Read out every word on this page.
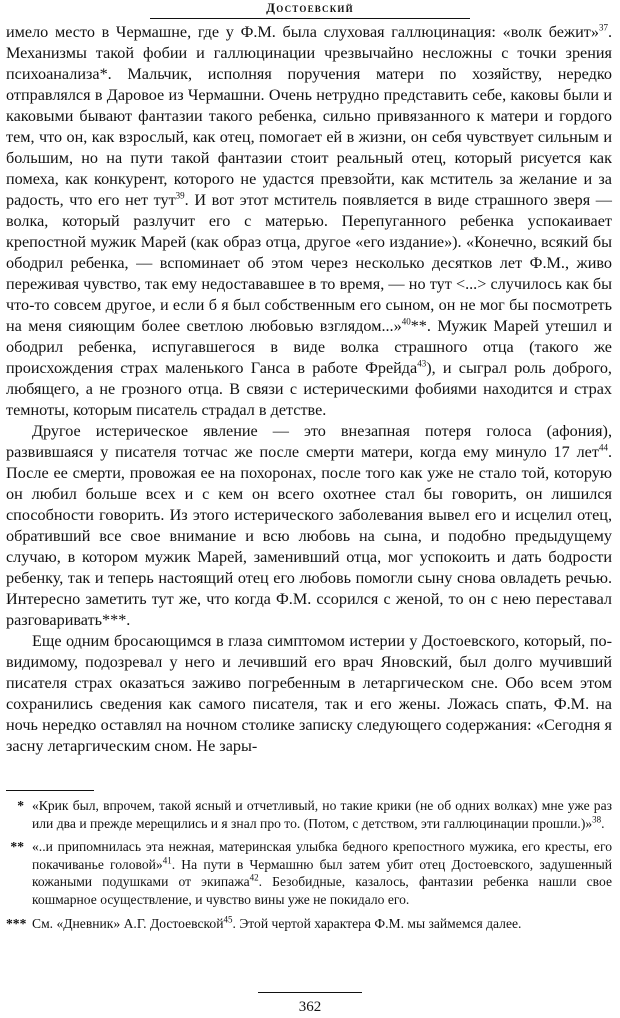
Достоевский

имело место в Чермашне, где у Ф.М. была слуховая галлюцинация: «волк бежит»$^{37}$. Механизмы такой фобии и галлюцинации чрезвычайно несложны с точки зрения психоанализа*. Мальчик, исполняя поручения матери по хозяйству, нередко отправлялся в Даровое из Чермашни. Очень нетрудно представить себе, каковы были и каковыми бывают фантазии такого ребенка, сильно привязанного к матери и гордого тем, что он, как взрослый, как отец, помогает ей в жизни, он себя чувствует сильным и большим, но на пути такой фантазии стоит реальный отец, который рисуется как помеха, как конкурент, которого не удастся превзойти, как мститель за желание и за радость, что его нет тут$^{39}$. И вот этот мститель появляется в виде страшного зверя — волка, который разлучит его с матерью. Перепуганного ребенка успокаивает крепостной мужик Марей (как образ отца, другое «его издание»). «Конечно, всякий бы ободрил ребенка, — вспоминает об этом через несколько десятков лет Ф.М., живо переживая чувство, так ему недостававшее в то время, — но тут <...> случилось как бы что-то совсем другое, и если б я был собственным его сыном, он не мог бы посмотреть на меня сияющим более светлою любовью взглядом...»$^{40}$**. Мужик Марей утешил и ободрил ребенка, испугавшегося в виде волка страшного отца (такого же происхождения страх маленького Ганса в работе Фрейда$^{43}$), и сыграл роль доброго, любящего, а не грозного отца. В связи с истерическими фобиями находится и страх темноты, которым писатель страдал в детстве.

Другое истерическое явление — это внезапная потеря голоса (афония), развившаяся у писателя тотчас же после смерти матери, когда ему минуло 17 лет$^{44}$. После ее смерти, провожая ее на похоронах, после того как уже не стало той, которую он любил больше всех и с кем он всего охотнее стал бы говорить, он лишился способности говорить. Из этого истерического заболевания вывел его и исцелил отец, обративший все свое внимание и всю любовь на сына, и подобно предыдущему случаю, в котором мужик Марей, заменивший отца, мог успокоить и дать бодрости ребенку, так и теперь настоящий отец его любовь помогли сыну снова овладеть речью. Интересно заметить тут же, что когда Ф.М. ссорился с женой, то он с нею переставал разговаривать***.

Еще одним бросающимся в глаза симптомом истерии у Достоевского, который, по-видимому, подозревал у него и лечивший его врач Яновский, был долго мучивший писателя страх оказаться заживо погребенным в летаргическом сне. Обо всем этом сохранились сведения как самого писателя, так и его жены. Ложась спать, Ф.М. на ночь нередко оставлял на ночном столике записку следующего содержания: «Сегодня я засну летаргическим сном. Не зары-

* «Крик был, впрочем, такой ясный и отчетливый, но такие крики (не об одних волках) мне уже раз или два и прежде мерещились и я знал про то. (Потом, с детством, эти галлюцинации прошли.)»$^{38}$.
** «..и припомнилась эта нежная, материнская улыбка бедного крепостного мужика, его кресты, его покачиванье головой»$^{41}$. На пути в Чермашню был затем убит отец Достоевского, задушенный кожаными подушками от экипажа$^{42}$. Безобидные, казалось, фантазии ребенка нашли свое кошмарное осуществление, и чувство вины уже не покидало его.
*** См. «Дневник» А.Г. Достоевской$^{45}$. Этой чертой характера Ф.М. мы займемся далее.
362
